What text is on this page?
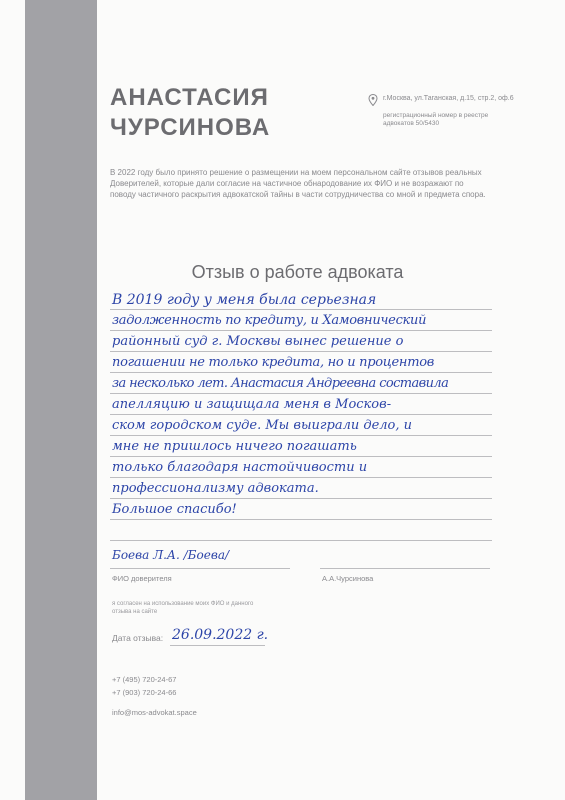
АНАСТАСИЯ
ЧУРСИНОВА
г.Москва, ул.Таганская, д.15, стр.2, оф.6
регистрационный номер в реестре адвокатов 50/5430
В 2022 году было принято решение о размещении на моем персональном сайте отзывов реальных Доверителей, которые дали согласие на частичное обнародование их ФИО и не возражают по поводу частичного раскрытия адвокатской тайны в части сотрудничества со мной и предмета спора.
Отзыв о работе адвоката
В 2019 году у меня была серьезная
задолженность по кредиту, и Хамовнический
районный суд г. Москвы вынес решение о
погашении не только кредита, но и процентов
за несколько лет. Анастасия Андреевна составила
апелляцию и защищала меня в Москов-
ском городском суде. Мы выиграли дело, и
мне не пришлось ничего погашать
только благодаря настойчивости и
профессионализму адвоката.
Большое спасибо!
Боева Л.А. /Боева/
ФИО доверителя	А.А.Чурсинова
я согласен на использование моих ФИО и данного отзыва на сайте
Дата отзыва: 26.09.2022 г.
+7 (495) 720-24-67
+7 (903) 720-24-66
info@mos-advokat.space
